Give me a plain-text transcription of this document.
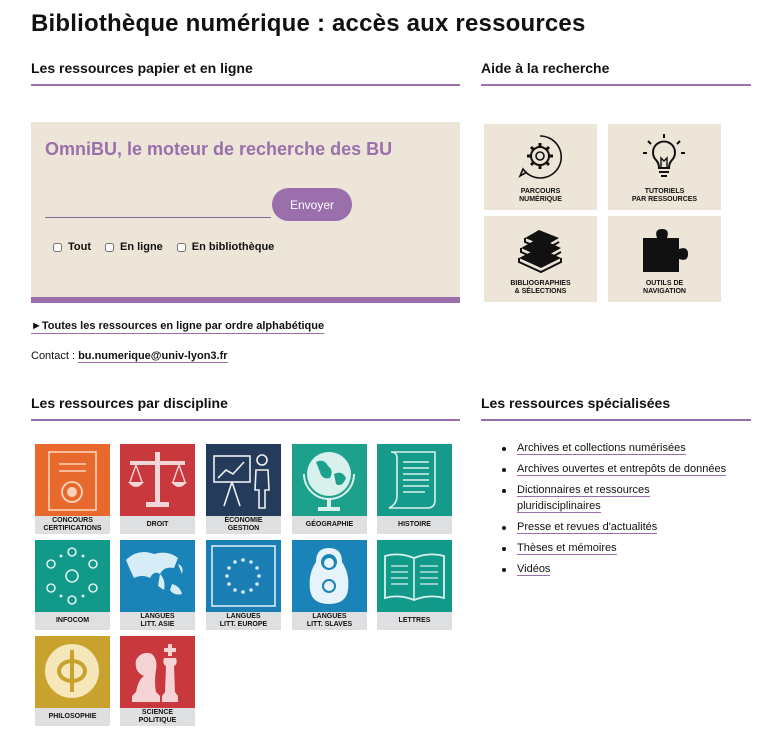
Bibliothèque numérique : accès aux ressources
Les ressources papier et en ligne	Aide à la recherche
Les ressources par discipline	Les ressources spécialisées
OmniBU, le moteur de recherche des BU
Envoyer
Tout	En ligne	En bibliothèque
►Toutes les ressources en ligne par ordre alphabétique
Contact : bu.numerique@univ-lyon3.fr
PARCOURS
NUMÉRIQUE
TUTORIELS
PAR RESSOURCES
BIBLIOGRAPHIES
& SÉLECTIONS
OUTILS DE
NAVIGATION
CONCOURS
CERTIFICATIONS
DROIT
ÉCONOMIE
GESTION
GÉOGRAPHIE	HISTOIRE
INFOCOM
LANGUES
LITT. ASIE
LANGUES
LITT. EUROPE
LANGUES
LITT. SLAVES
LETTRES
PHILOSOPHIE
SCIENCE
POLITIQUE
Archives et collections numérisées
Archives ouvertes et entrepôts de données
Dictionnaires et ressources pluridisciplinaires
Presse et revues d'actualités
Thèses et mémoires
Vidéos
